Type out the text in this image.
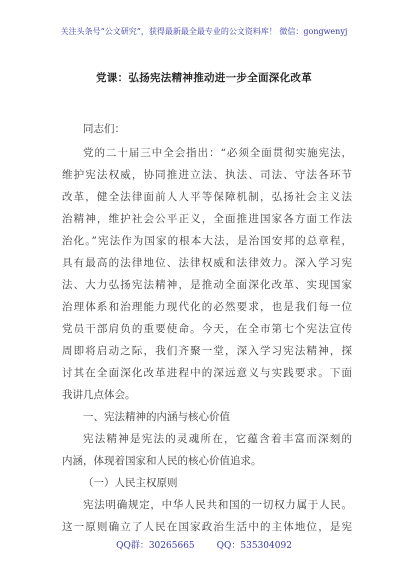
关注头条号“公文研究”，获得最新最全最专业的公文资料库！ 微信：gongwenyj
党课：弘扬宪法精神推动进一步全面深化改革
同志们：
党的二十届三中全会指出：“必须全面贯彻实施宪法，
维护宪法权威，协同推进立法、执法、司法、守法各环节
改革，健全法律面前人人平等保障机制，弘扬社会主义法
治精神，维护社会公平正义，全面推进国家各方面工作法
治化。”宪法作为国家的根本大法，是治国安邦的总章程，
具有最高的法律地位、法律权威和法律效力。深入学习宪
法、大力弘扬宪法精神，是推动全面深化改革、实现国家
治理体系和治理能力现代化的必然要求，也是我们每一位
党员干部肩负的重要使命。今天，在全市第七个宪法宣传
周即将启动之际，我们齐聚一堂，深入学习宪法精神，探
讨其在全面深化改革进程中的深远意义与实践要求。下面
我讲几点体会。
一、宪法精神的内涵与核心价值
宪法精神是宪法的灵魂所在，它蕴含着丰富而深刻的
内涵，体现着国家和人民的核心价值追求。
（一）人民主权原则
宪法明确规定，中华人民共和国的一切权力属于人民。
这一原则确立了人民在国家政治生活中的主体地位，是宪
QQ群：30265665 QQ：535304092
